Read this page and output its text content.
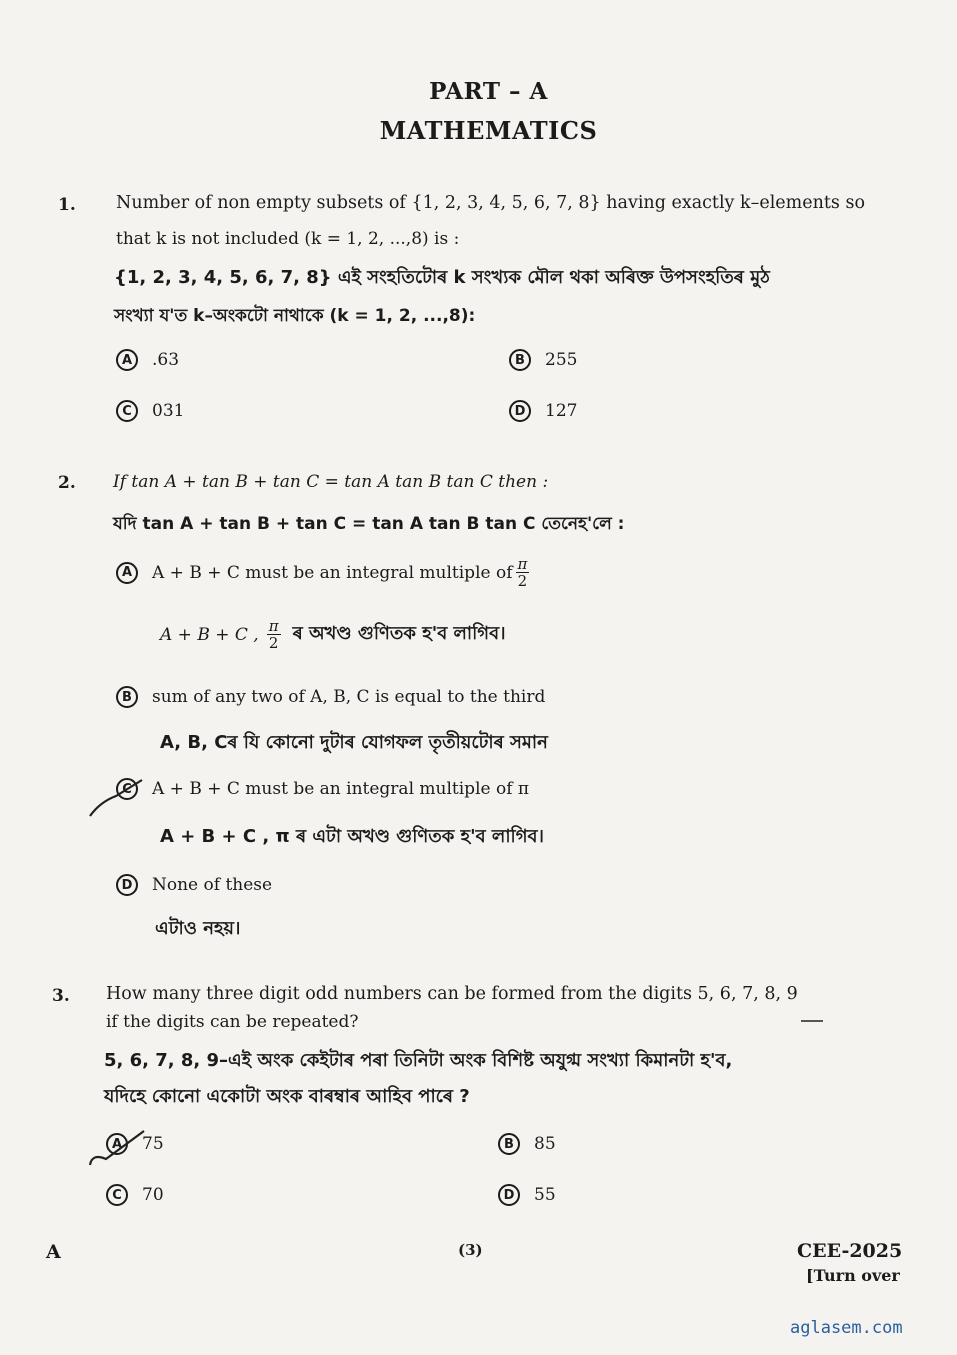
PART – A
MATHEMATICS
1. Number of non empty subsets of {1, 2, 3, 4, 5, 6, 7, 8} having exactly k–elements so
that k is not included (k = 1, 2, ...,8) is :
{1, 2, 3, 4, 5, 6, 7, 8} এই সংহতিটোৰ k সংখ্যক মৌল থকা অৰিক্ত উপসংহতিৰ মুঠ
সংখ্যা য'ত k–অংকটো নাথাকে (k = 1, 2, ...,8):
A	.63	B	255
C	031	D	127
2. If tan A + tan B + tan C = tan A tan B tan C then :
যদি tan A + tan B + tan C = tan A tan B tan C তেনেহ'লে :
A	A + B + C must be an integral multiple of $\frac{\pi}{2}$
A + B + C , $\frac{\pi}{2}$ ৰ অখণ্ড গুণিতক হ'ব লাগিব।
B	sum of any two of A, B, C is equal to the third
A, B, Cৰ যি কোনো দুটাৰ যোগফল তৃতীয়টোৰ সমান
C	A + B + C must be an integral multiple of π
A + B + C , π ৰ এটা অখণ্ড গুণিতক হ'ব লাগিব।
D	None of these
এটাও নহয়।
3. How many three digit odd numbers can be formed from the digits 5, 6, 7, 8, 9
if the digits can be repeated?
5, 6, 7, 8, 9–এই অংক কেইটাৰ পৰা তিনিটা অংক বিশিষ্ট অযুগ্ম সংখ্যা কিমানটা হ'ব,
যদিহে কোনো একোটা অংক বাৰম্বাৰ আহিব পাৰে ?
A	75	B	85
C	70	D	55
A	(3)	CEE-2025
[Turn over
aglasem.com
